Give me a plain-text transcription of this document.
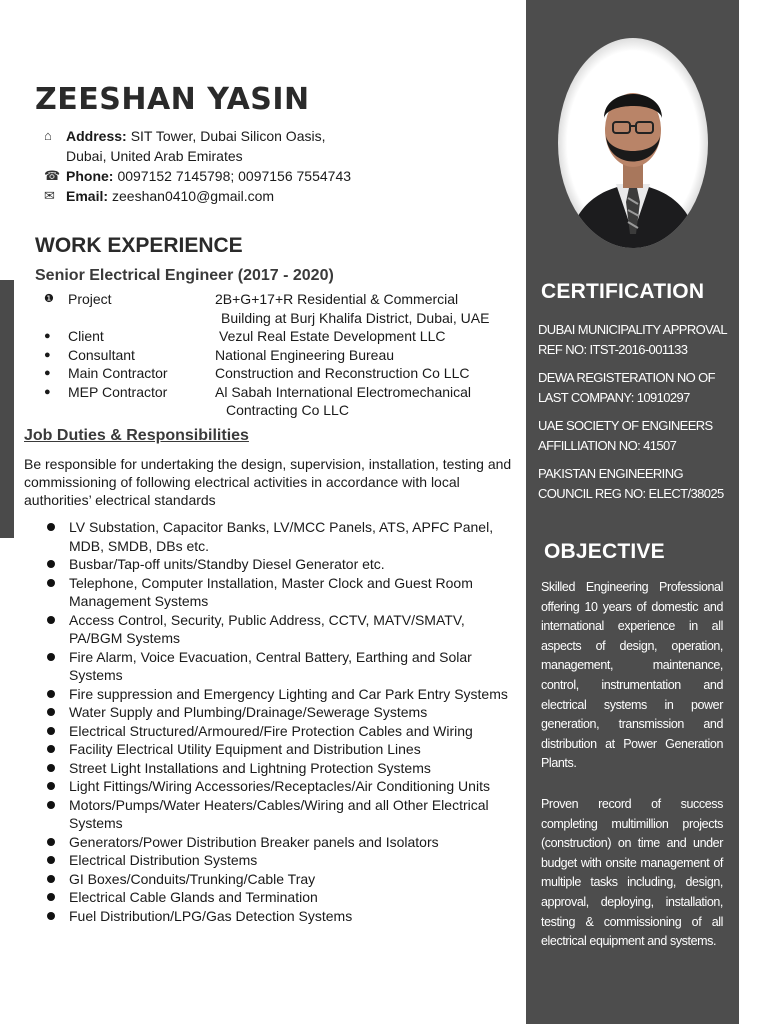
ZEESHAN YASIN
⌂	Address: SIT Tower, Dubai Silicon Oasis,
Dubai, United Arab Emirates
☎ Phone: 0097152 7145798; 0097156 7554743
✉ Email: zeeshan0410@gmail.com
WORK EXPERIENCE
Senior Electrical Engineer (2017 - 2020)
❶	Project	2B+G+17+R Residential & Commercial
Building at Burj Khalifa District, Dubai, UAE
●	Client	Vezul Real Estate Development LLC
●	Consultant	National Engineering Bureau
●	Main Contractor	Construction and Reconstruction Co LLC
●	MEP Contractor	Al Sabah International Electromechanical
Contracting Co LLC
Job Duties & Responsibilities

Be responsible for undertaking the design, supervision, installation, testing and commissioning of following electrical activities in accordance with local authorities’ electrical standards

LV Substation, Capacitor Banks, LV/MCC Panels, ATS, APFC Panel, MDB, SMDB, DBs etc.
Busbar/Tap-off units/Standby Diesel Generator etc.
Telephone, Computer Installation, Master Clock and Guest Room Management Systems
Access Control, Security, Public Address, CCTV, MATV/SMATV, PA/BGM Systems
Fire Alarm, Voice Evacuation, Central Battery, Earthing and Solar Systems
Fire suppression and Emergency Lighting and Car Park Entry Systems
Water Supply and Plumbing/Drainage/Sewerage Systems
Electrical Structured/Armoured/Fire Protection Cables and Wiring
Facility Electrical Utility Equipment and Distribution Lines
Street Light Installations and Lightning Protection Systems
Light Fittings/Wiring Accessories/Receptacles/Air Conditioning Units
Motors/Pumps/Water Heaters/Cables/Wiring and all Other Electrical Systems
Generators/Power Distribution Breaker panels and Isolators
Electrical Distribution Systems
GI Boxes/Conduits/Trunking/Cable Tray
Electrical Cable Glands and Termination
Fuel Distribution/LPG/Gas Detection Systems
CERTIFICATION

DUBAI MUNICIPALITY APPROVAL REF NO: ITST-2016-001133

DEWA REGISTERATION NO OF LAST COMPANY: 10910297

UAE SOCIETY OF ENGINEERS AFFILLIATION NO: 41507

PAKISTAN ENGINEERING COUNCIL REG NO: ELECT/38025

OBJECTIVE

Skilled Engineering Professional offering 10 years of domestic and international experience in all aspects of design, operation, management, maintenance, control, instrumentation and electrical systems in power generation, transmission and distribution at Power Generation Plants.

Proven record of success completing multimillion projects (construction) on time and under budget with onsite management of multiple tasks including, design, approval, deploying, installation, testing & commissioning of all electrical equipment and systems.
